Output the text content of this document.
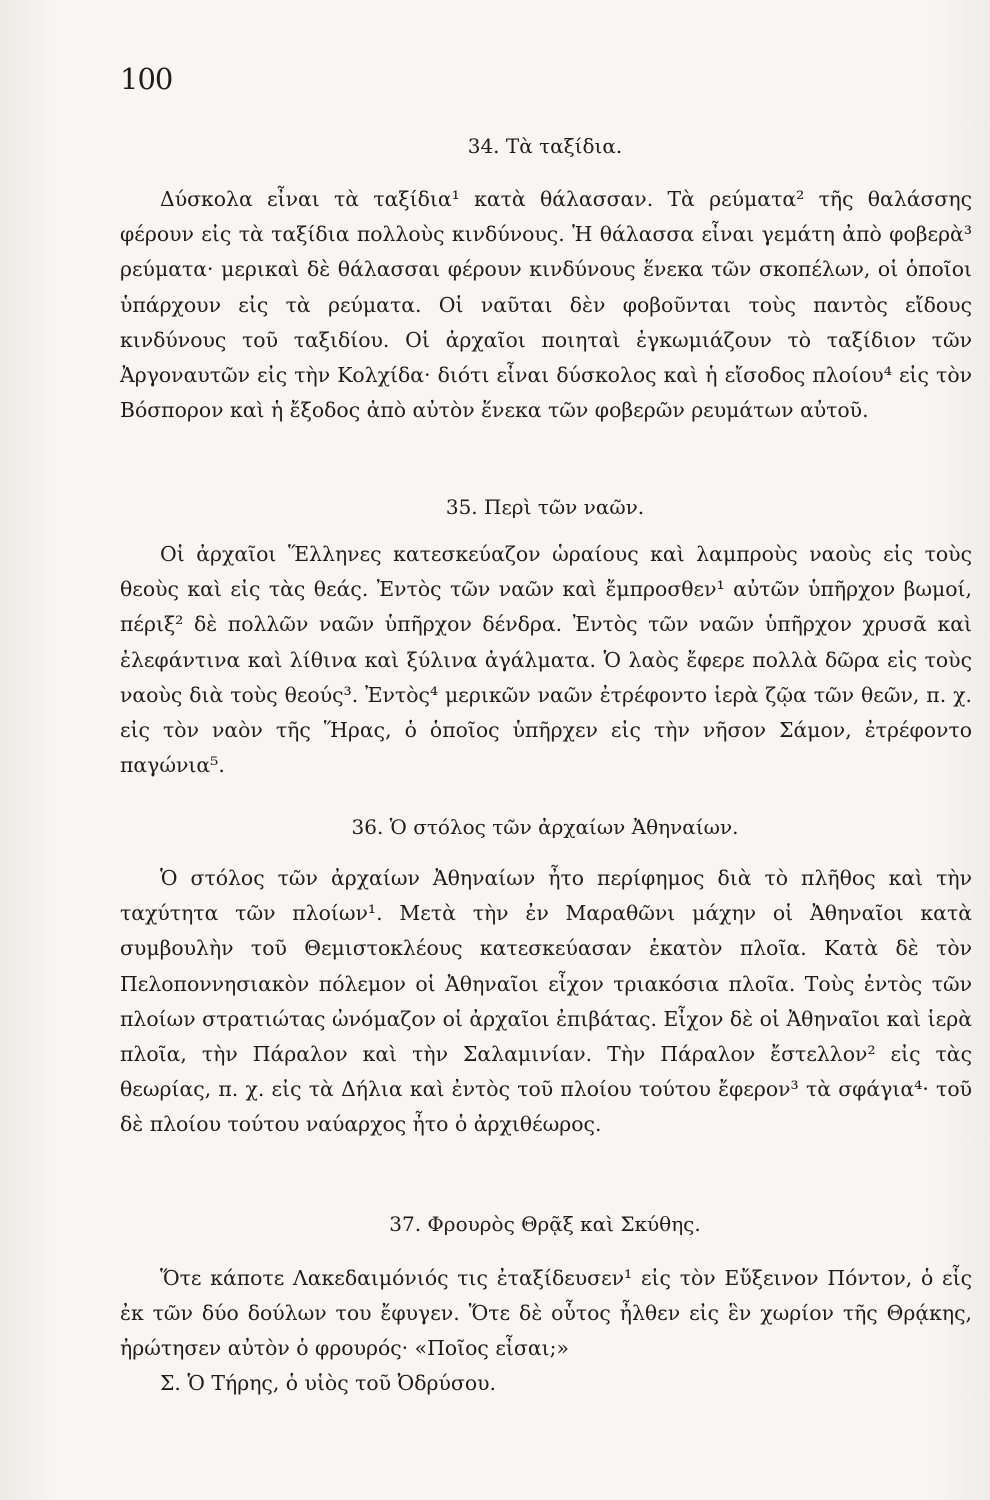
100
34. Τὰ ταξίδια.

Δύσκολα εἶναι τὰ ταξίδια¹ κατὰ θάλασσαν. Τὰ ρεύματα² τῆς θαλάσσης φέρουν εἰς τὰ ταξίδια πολλοὺς κινδύνους. Ἡ θάλασσα εἶναι γεμάτη ἀπὸ φοβερὰ³ ρεύματα· μερικαὶ δὲ θάλασσαι φέρουν κινδύνους ἕνεκα τῶν σκοπέλων, οἱ ὁποῖοι ὑπάρχουν εἰς τὰ ρεύματα. Οἱ ναῦται δὲν φοβοῦνται τοὺς παντὸς εἴδους κινδύνους τοῦ ταξιδίου. Οἱ ἀρχαῖοι ποιηταὶ ἐγκωμιάζουν τὸ ταξίδιον τῶν Ἀργοναυτῶν εἰς τὴν Κολχίδα· διότι εἶναι δύσκολος καὶ ἡ εἴσοδος πλοίου⁴ εἰς τὸν Βόσπορον καὶ ἡ ἔξοδος ἀπὸ αὐτὸν ἕνεκα τῶν φοβερῶν ρευμάτων αὐτοῦ.

35. Περὶ τῶν ναῶν.

Οἱ ἀρχαῖοι Ἕλληνες κατεσκεύαζον ὡραίους καὶ λαμπροὺς ναοὺς εἰς τοὺς θεοὺς καὶ εἰς τὰς θεάς. Ἐντὸς τῶν ναῶν καὶ ἔμπροσθεν¹ αὐτῶν ὑπῆρχον βωμοί, πέριξ² δὲ πολλῶν ναῶν ὑπῆρχον δένδρα. Ἐντὸς τῶν ναῶν ὑπῆρχον χρυσᾶ καὶ ἐλεφάντινα καὶ λίθινα καὶ ξύλινα ἀγάλματα. Ὁ λαὸς ἔφερε πολλὰ δῶρα εἰς τοὺς ναοὺς διὰ τοὺς θεούς³. Ἐντὸς⁴ μερικῶν ναῶν ἐτρέφοντο ἱερὰ ζῷα τῶν θεῶν, π. χ. εἰς τὸν ναὸν τῆς Ἥρας, ὁ ὁποῖος ὑπῆρχεν εἰς τὴν νῆσον Σάμον, ἐτρέφοντο παγώνια⁵.

36. Ὁ στόλος τῶν ἀρχαίων Ἀθηναίων.

Ὁ στόλος τῶν ἀρχαίων Ἀθηναίων ἦτο περίφημος διὰ τὸ πλῆθος καὶ τὴν ταχύτητα τῶν πλοίων¹. Μετὰ τὴν ἐν Μαραθῶνι μάχην οἱ Ἀθηναῖοι κατὰ συμβουλὴν τοῦ Θεμιστοκλέους κατεσκεύασαν ἑκατὸν πλοῖα. Κατὰ δὲ τὸν Πελοποννησιακὸν πόλεμον οἱ Ἀθηναῖοι εἶχον τριακόσια πλοῖα. Τοὺς ἐντὸς τῶν πλοίων στρατιώτας ὠνόμαζον οἱ ἀρχαῖοι ἐπιβάτας. Εἶχον δὲ οἱ Ἀθηναῖοι καὶ ἱερὰ πλοῖα, τὴν Πάραλον καὶ τὴν Σαλαμινίαν. Τὴν Πάραλον ἔστελλον² εἰς τὰς θεωρίας, π. χ. εἰς τὰ Δήλια καὶ ἐντὸς τοῦ πλοίου τούτου ἔφερον³ τὰ σφάγια⁴· τοῦ δὲ πλοίου τούτου ναύαρχος ἦτο ὁ ἀρχιθέωρος.

37. Φρουρὸς Θρᾷξ καὶ Σκύθης.

Ὅτε κάποτε Λακεδαιμόνιός τις ἐταξίδευσεν¹ εἰς τὸν Εὔξεινον Πόντον, ὁ εἷς ἐκ τῶν δύο δούλων του ἔφυγεν. Ὅτε δὲ οὗτος ἦλθεν εἰς ἓν χωρίον τῆς Θρᾴκης, ἠρώτησεν αὐτὸν ὁ φρουρός· «Ποῖος εἶσαι;»

Σ. Ὁ Τήρης, ὁ υἱὸς τοῦ Ὀδρύσου.
